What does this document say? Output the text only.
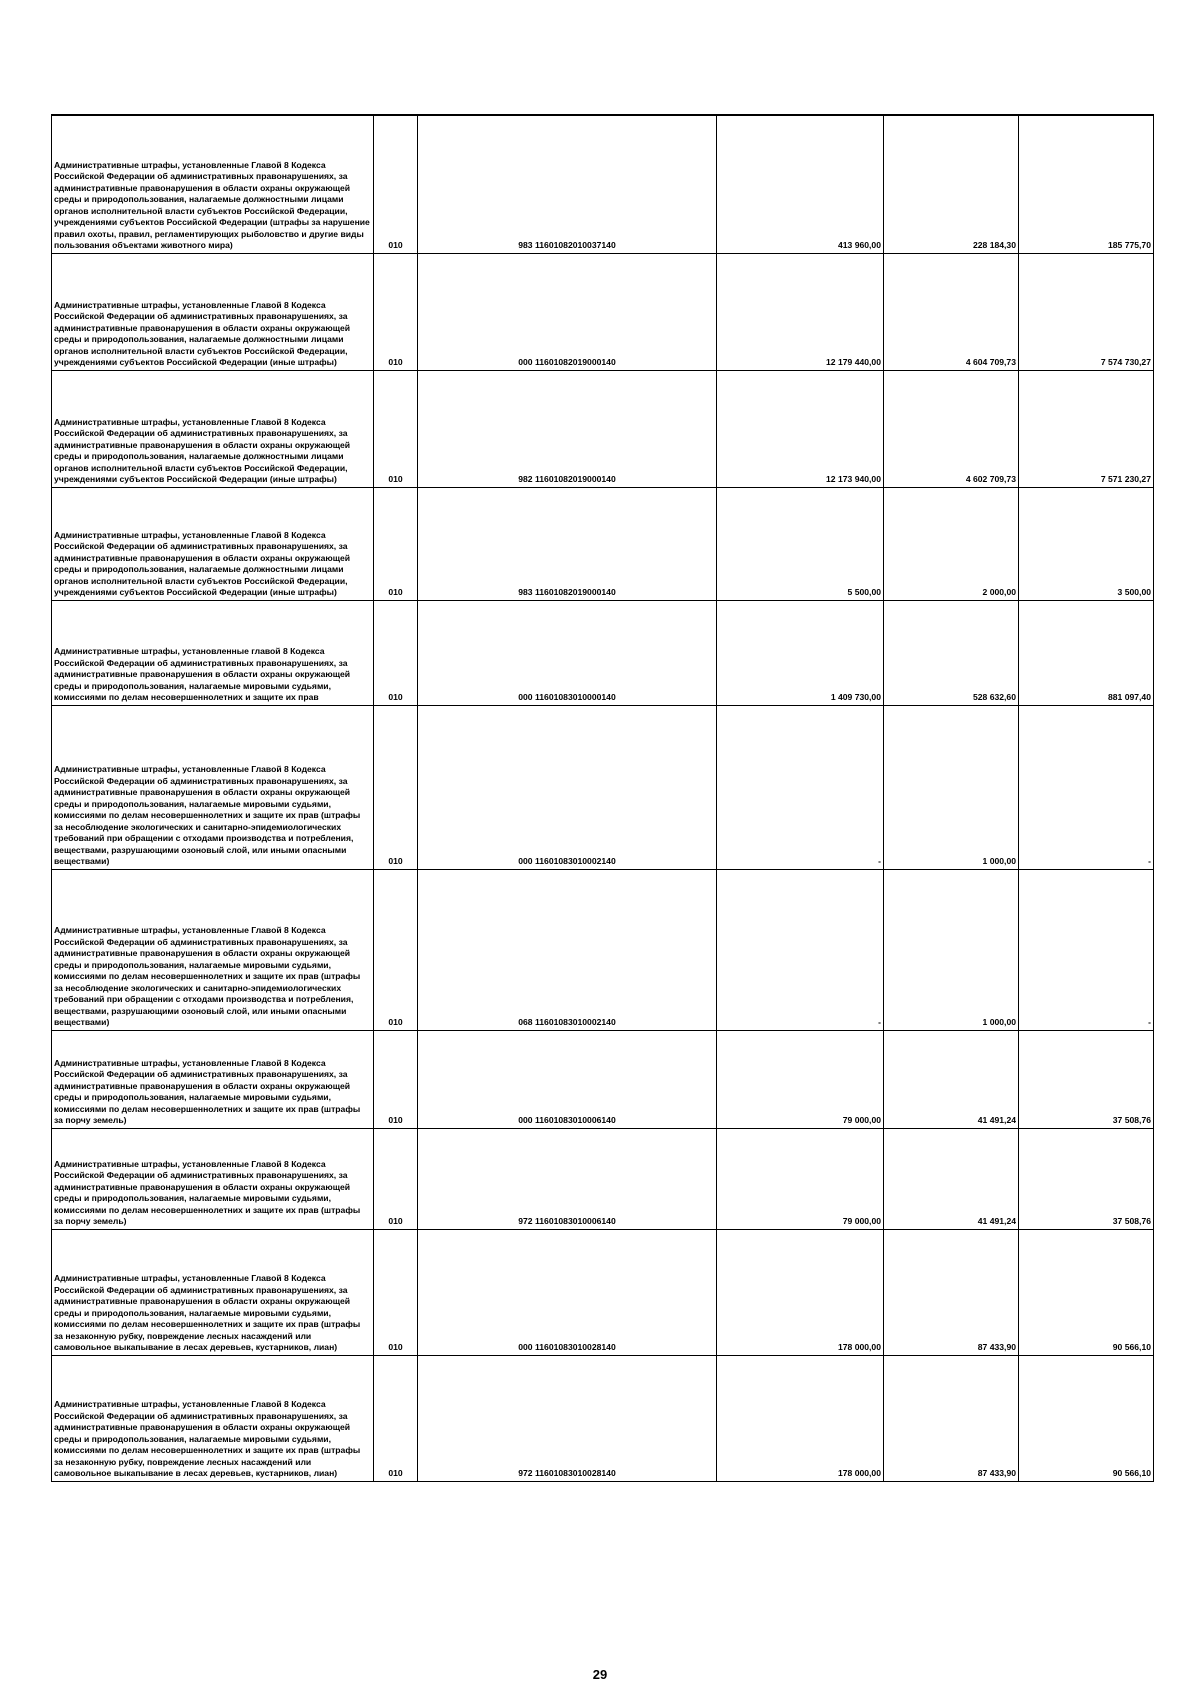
Административные штрафы, установленные Главой 8 Кодекса Российской Федерации об административных правонарушениях, за административные правонарушения в области охраны окружающей среды и природопользования, налагаемые должностными лицами органов исполнительной власти субъектов Российской Федерации, учреждениями субъектов Российской Федерации (штрафы за нарушение правил охоты, правил, регламентирующих рыболовство и другие виды пользования объектами животного мира)	010	983 11601082010037140	413 960,00	228 184,30	185 775,70
Административные штрафы, установленные Главой 8 Кодекса Российской Федерации об административных правонарушениях, за административные правонарушения в области охраны окружающей среды и природопользования, налагаемые должностными лицами органов исполнительной власти субъектов Российской Федерации, учреждениями субъектов Российской Федерации (иные штрафы)	010	000 11601082019000140	12 179 440,00	4 604 709,73	7 574 730,27
Административные штрафы, установленные Главой 8 Кодекса Российской Федерации об административных правонарушениях, за административные правонарушения в области охраны окружающей среды и природопользования, налагаемые должностными лицами органов исполнительной власти субъектов Российской Федерации, учреждениями субъектов Российской Федерации (иные штрафы)	010	982 11601082019000140	12 173 940,00	4 602 709,73	7 571 230,27
Административные штрафы, установленные Главой 8 Кодекса Российской Федерации об административных правонарушениях, за административные правонарушения в области охраны окружающей среды и природопользования, налагаемые должностными лицами органов исполнительной власти субъектов Российской Федерации, учреждениями субъектов Российской Федерации (иные штрафы)	010	983 11601082019000140	5 500,00	2 000,00	3 500,00
Административные штрафы, установленные главой 8 Кодекса Российской Федерации об административных правонарушениях, за административные правонарушения в области охраны окружающей среды и природопользования, налагаемые мировыми судьями, комиссиями по делам несовершеннолетних и защите их прав	010	000 11601083010000140	1 409 730,00	528 632,60	881 097,40
Административные штрафы, установленные Главой 8 Кодекса Российской Федерации об административных правонарушениях, за административные правонарушения в области охраны окружающей среды и природопользования, налагаемые мировыми судьями, комиссиями по делам несовершеннолетних и защите их прав (штрафы за несоблюдение экологических и санитарно-эпидемиологических требований при обращении с отходами производства и потребления, веществами, разрушающими озоновый слой, или иными опасными веществами)	010	000 11601083010002140	-	1 000,00	-
Административные штрафы, установленные Главой 8 Кодекса Российской Федерации об административных правонарушениях, за административные правонарушения в области охраны окружающей среды и природопользования, налагаемые мировыми судьями, комиссиями по делам несовершеннолетних и защите их прав (штрафы за несоблюдение экологических и санитарно-эпидемиологических требований при обращении с отходами производства и потребления, веществами, разрушающими озоновый слой, или иными опасными веществами)	010	068 11601083010002140	-	1 000,00	-
Административные штрафы, установленные Главой 8 Кодекса Российской Федерации об административных правонарушениях, за административные правонарушения в области охраны окружающей среды и природопользования, налагаемые мировыми судьями, комиссиями по делам несовершеннолетних и защите их прав (штрафы за порчу земель)	010	000 11601083010006140	79 000,00	41 491,24	37 508,76
Административные штрафы, установленные Главой 8 Кодекса Российской Федерации об административных правонарушениях, за административные правонарушения в области охраны окружающей среды и природопользования, налагаемые мировыми судьями, комиссиями по делам несовершеннолетних и защите их прав (штрафы за порчу земель)	010	972 11601083010006140	79 000,00	41 491,24	37 508,76
Административные штрафы, установленные Главой 8 Кодекса Российской Федерации об административных правонарушениях, за административные правонарушения в области охраны окружающей среды и природопользования, налагаемые мировыми судьями, комиссиями по делам несовершеннолетних и защите их прав (штрафы за незаконную рубку, повреждение лесных насаждений или самовольное выкапывание в лесах деревьев, кустарников, лиан)	010	000 11601083010028140	178 000,00	87 433,90	90 566,10
Административные штрафы, установленные Главой 8 Кодекса Российской Федерации об административных правонарушениях, за административные правонарушения в области охраны окружающей среды и природопользования, налагаемые мировыми судьями, комиссиями по делам несовершеннолетних и защите их прав (штрафы за незаконную рубку, повреждение лесных насаждений или самовольное выкапывание в лесах деревьев, кустарников, лиан)	010	972 11601083010028140	178 000,00	87 433,90	90 566,10
29
